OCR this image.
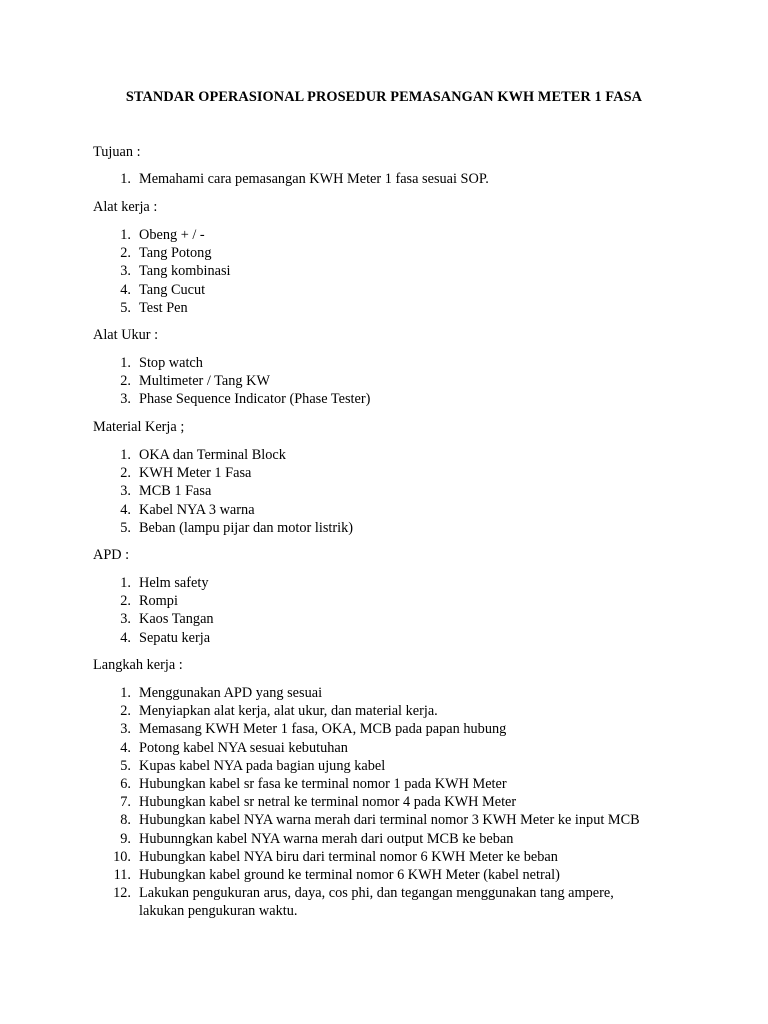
STANDAR OPERASIONAL PROSEDUR PEMASANGAN KWH METER 1 FASA
Tujuan :
1. Memahami cara pemasangan KWH Meter 1 fasa sesuai SOP.
Alat kerja :
1. Obeng + / -
2. Tang Potong
3. Tang kombinasi
4. Tang Cucut
5. Test Pen
Alat Ukur :
1. Stop watch
2. Multimeter / Tang KW
3. Phase Sequence Indicator (Phase Tester)
Material Kerja ;
1. OKA dan Terminal Block
2. KWH Meter 1 Fasa
3. MCB 1 Fasa
4. Kabel NYA 3 warna
5. Beban (lampu pijar dan motor listrik)
APD :
1. Helm safety
2. Rompi
3. Kaos Tangan
4. Sepatu kerja
Langkah kerja :
1. Menggunakan APD yang sesuai
2. Menyiapkan alat kerja, alat ukur, dan material kerja.
3. Memasang KWH Meter 1 fasa, OKA, MCB pada papan hubung
4. Potong kabel NYA sesuai kebutuhan
5. Kupas kabel NYA pada bagian ujung kabel
6. Hubungkan kabel sr fasa ke terminal nomor 1 pada KWH Meter
7. Hubungkan kabel sr netral ke terminal nomor 4 pada KWH Meter
8. Hubungkan kabel NYA warna merah dari terminal nomor 3 KWH Meter ke input MCB
9. Hubunngkan kabel NYA warna merah dari output MCB ke beban
10. Hubungkan kabel NYA biru dari terminal nomor 6 KWH Meter ke beban
11. Hubungkan kabel ground ke terminal nomor 6 KWH Meter (kabel netral)
12. Lakukan pengukuran arus, daya, cos phi, dan tegangan menggunakan tang ampere, lakukan pengukuran waktu.
